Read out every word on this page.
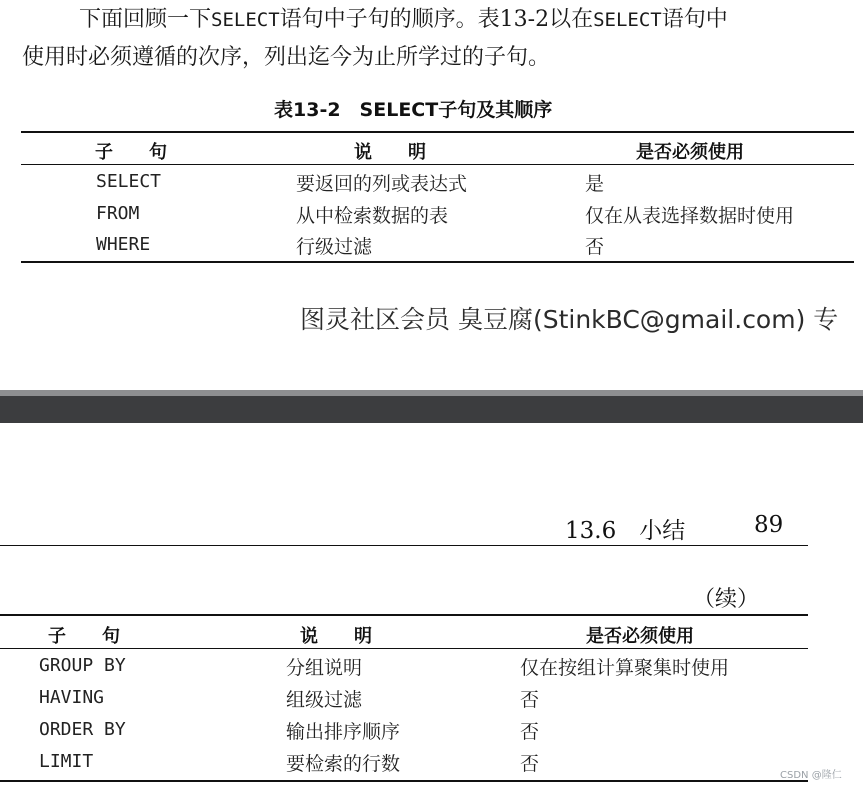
下面回顾一下SELECT语句中子句的顺序。表13-2以在SELECT语句中
使用时必须遵循的次序，列出迄今为止所学过的子句。
表13-2　SELECT子句及其顺序
子　　句	说　　明	是否必须使用
SELECT	要返回的列或表达式	是
FROM	从中检索数据的表	仅在从表选择数据时使用
WHERE	行级过滤	否
图灵社区会员 臭豆腐(StinkBC@gmail.com) 专
13.6　小结	89
（续）
子　　句	说　　明	是否必须使用
GROUP BY	分组说明	仅在按组计算聚集时使用
HAVING	组级过滤	否
ORDER BY	输出排序顺序	否
LIMIT	要检索的行数	否
CSDN @隆仁
